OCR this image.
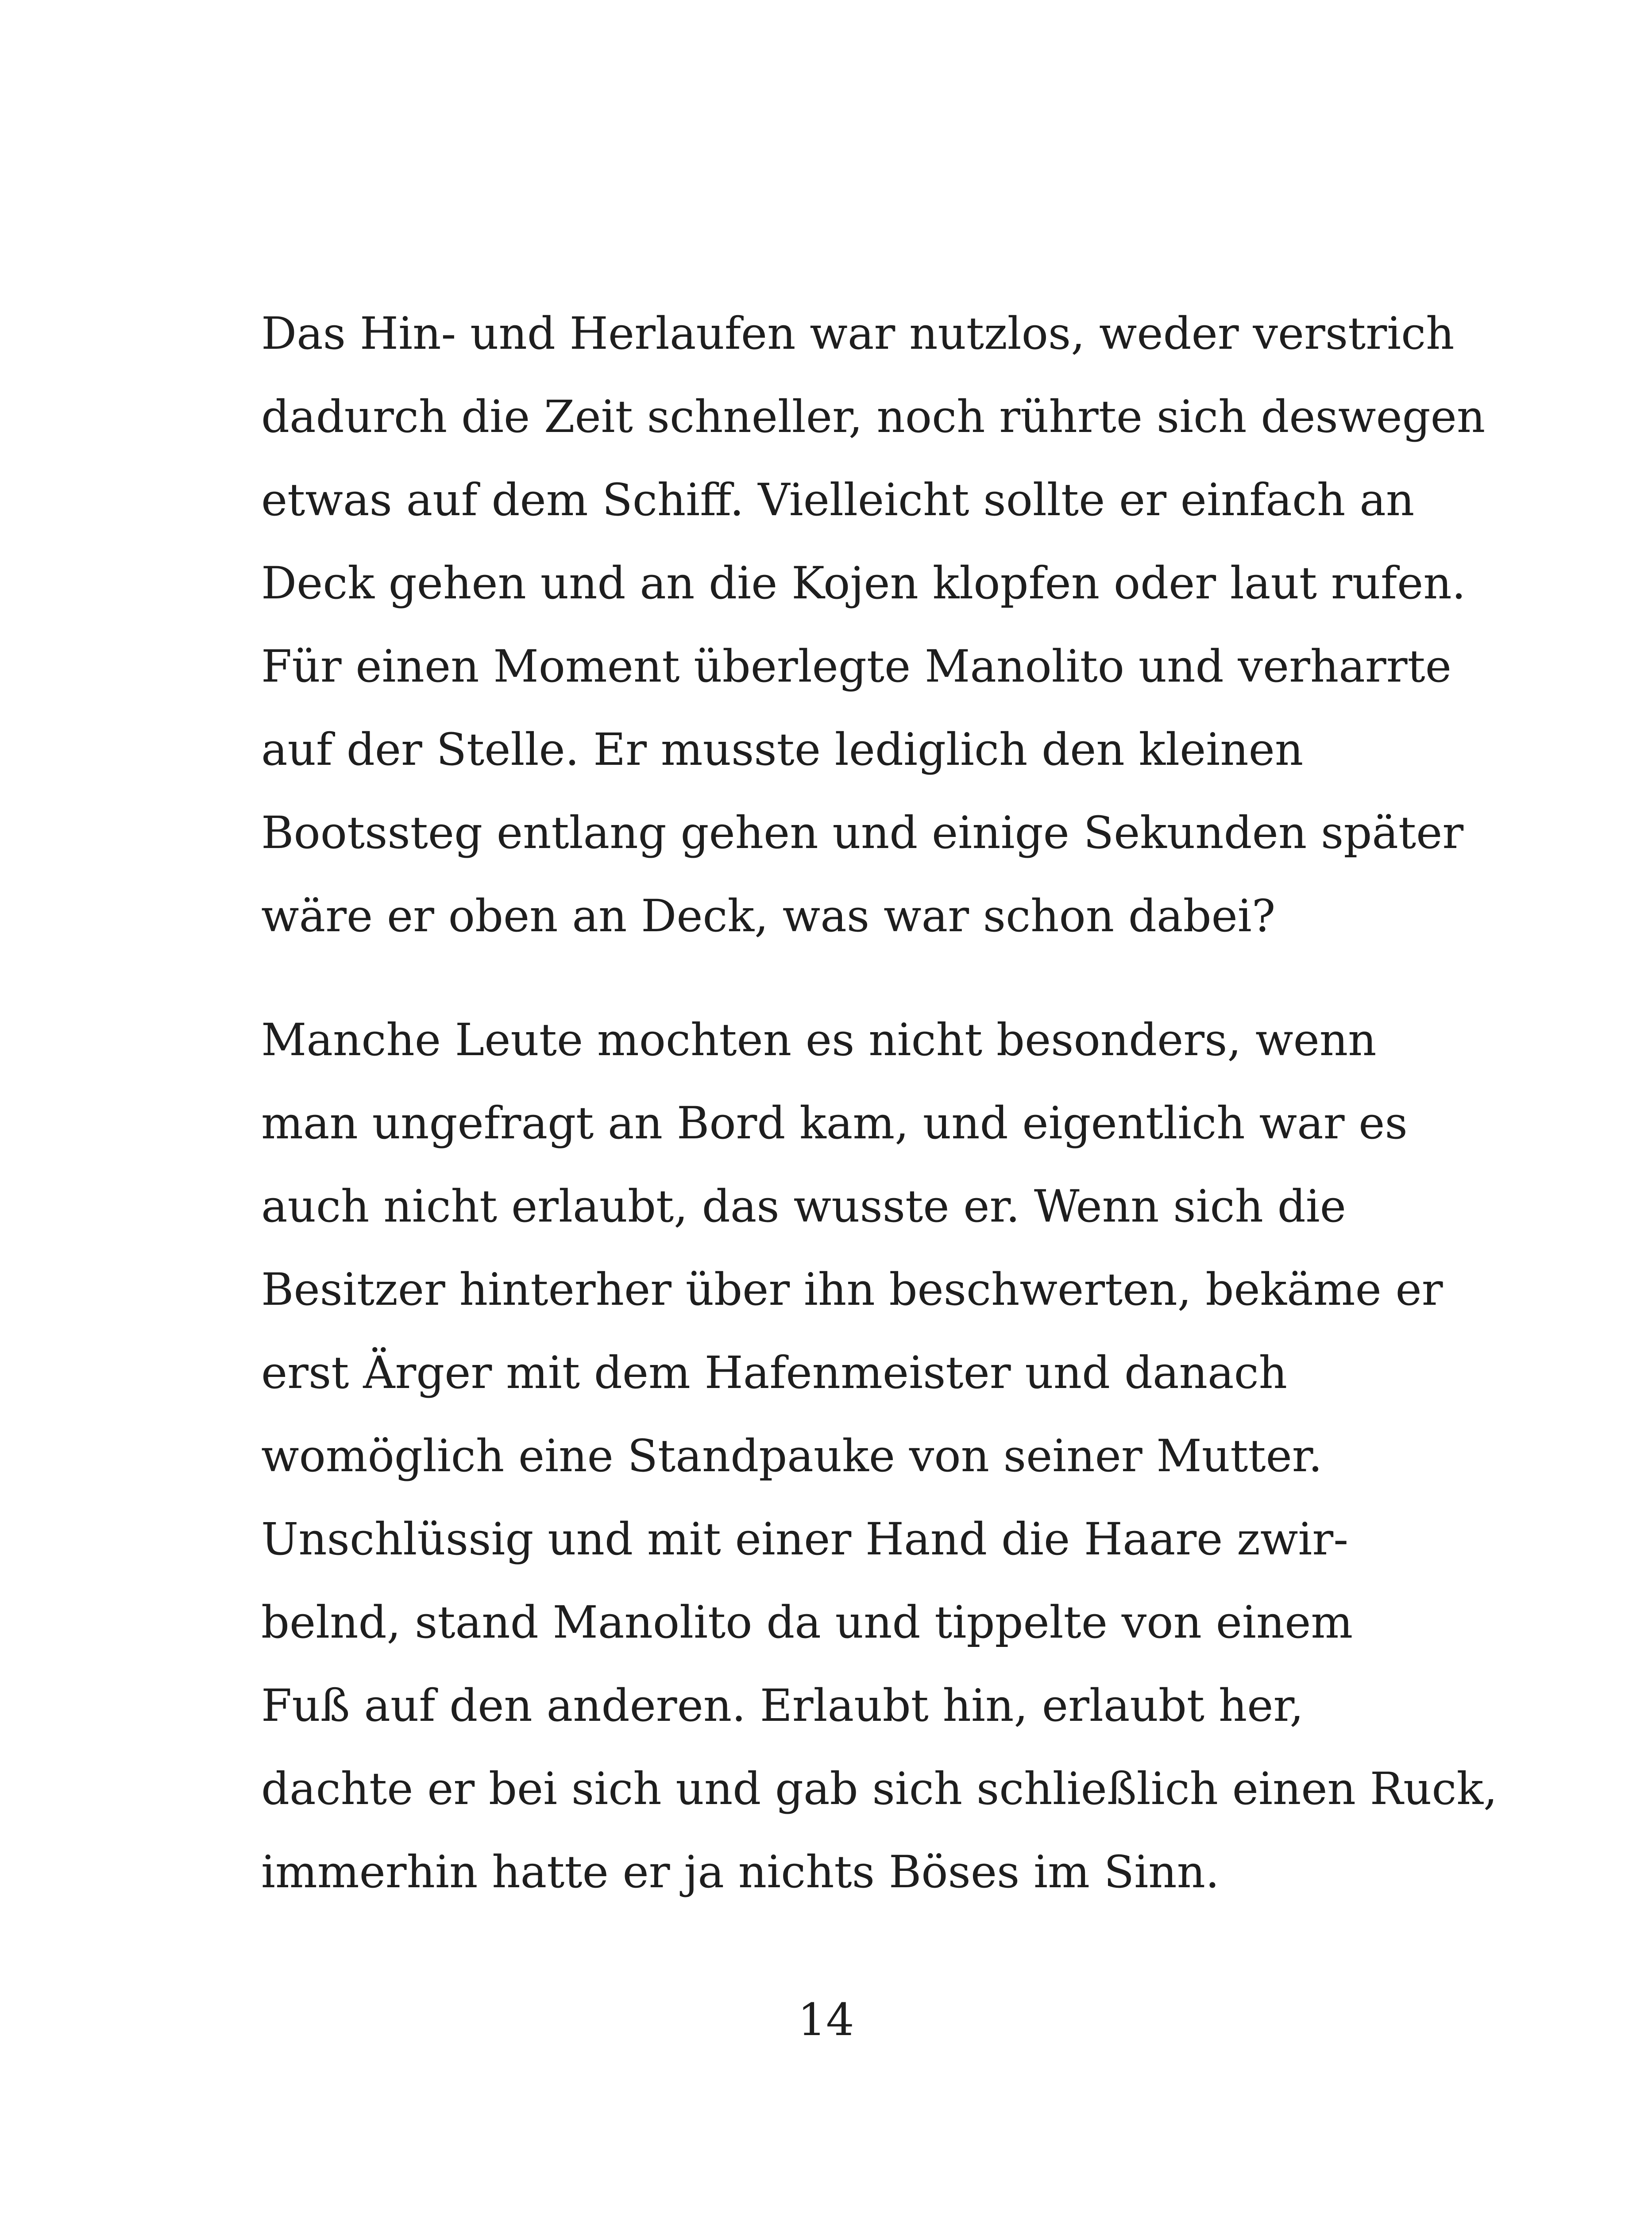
Das Hin- und Herlaufen war nutzlos, weder verstrich
dadurch die Zeit schneller, noch rührte sich deswegen
etwas auf dem Schiff. Vielleicht sollte er einfach an
Deck gehen und an die Kojen klopfen oder laut rufen.
Für einen Moment überlegte Manolito und verharrte
auf der Stelle. Er musste lediglich den kleinen
Bootssteg entlang gehen und einige Sekunden später
wäre er oben an Deck, was war schon dabei?
Manche Leute mochten es nicht besonders, wenn
man ungefragt an Bord kam, und eigentlich war es
auch nicht erlaubt, das wusste er. Wenn sich die
Besitzer hinterher über ihn beschwerten, bekäme er
erst Ärger mit dem Hafenmeister und danach
womöglich eine Standpauke von seiner Mutter.
Unschlüssig und mit einer Hand die Haare zwir-
belnd, stand Manolito da und tippelte von einem
Fuß auf den anderen. Erlaubt hin, erlaubt her,
dachte er bei sich und gab sich schließlich einen Ruck,
immerhin hatte er ja nichts Böses im Sinn.
14
